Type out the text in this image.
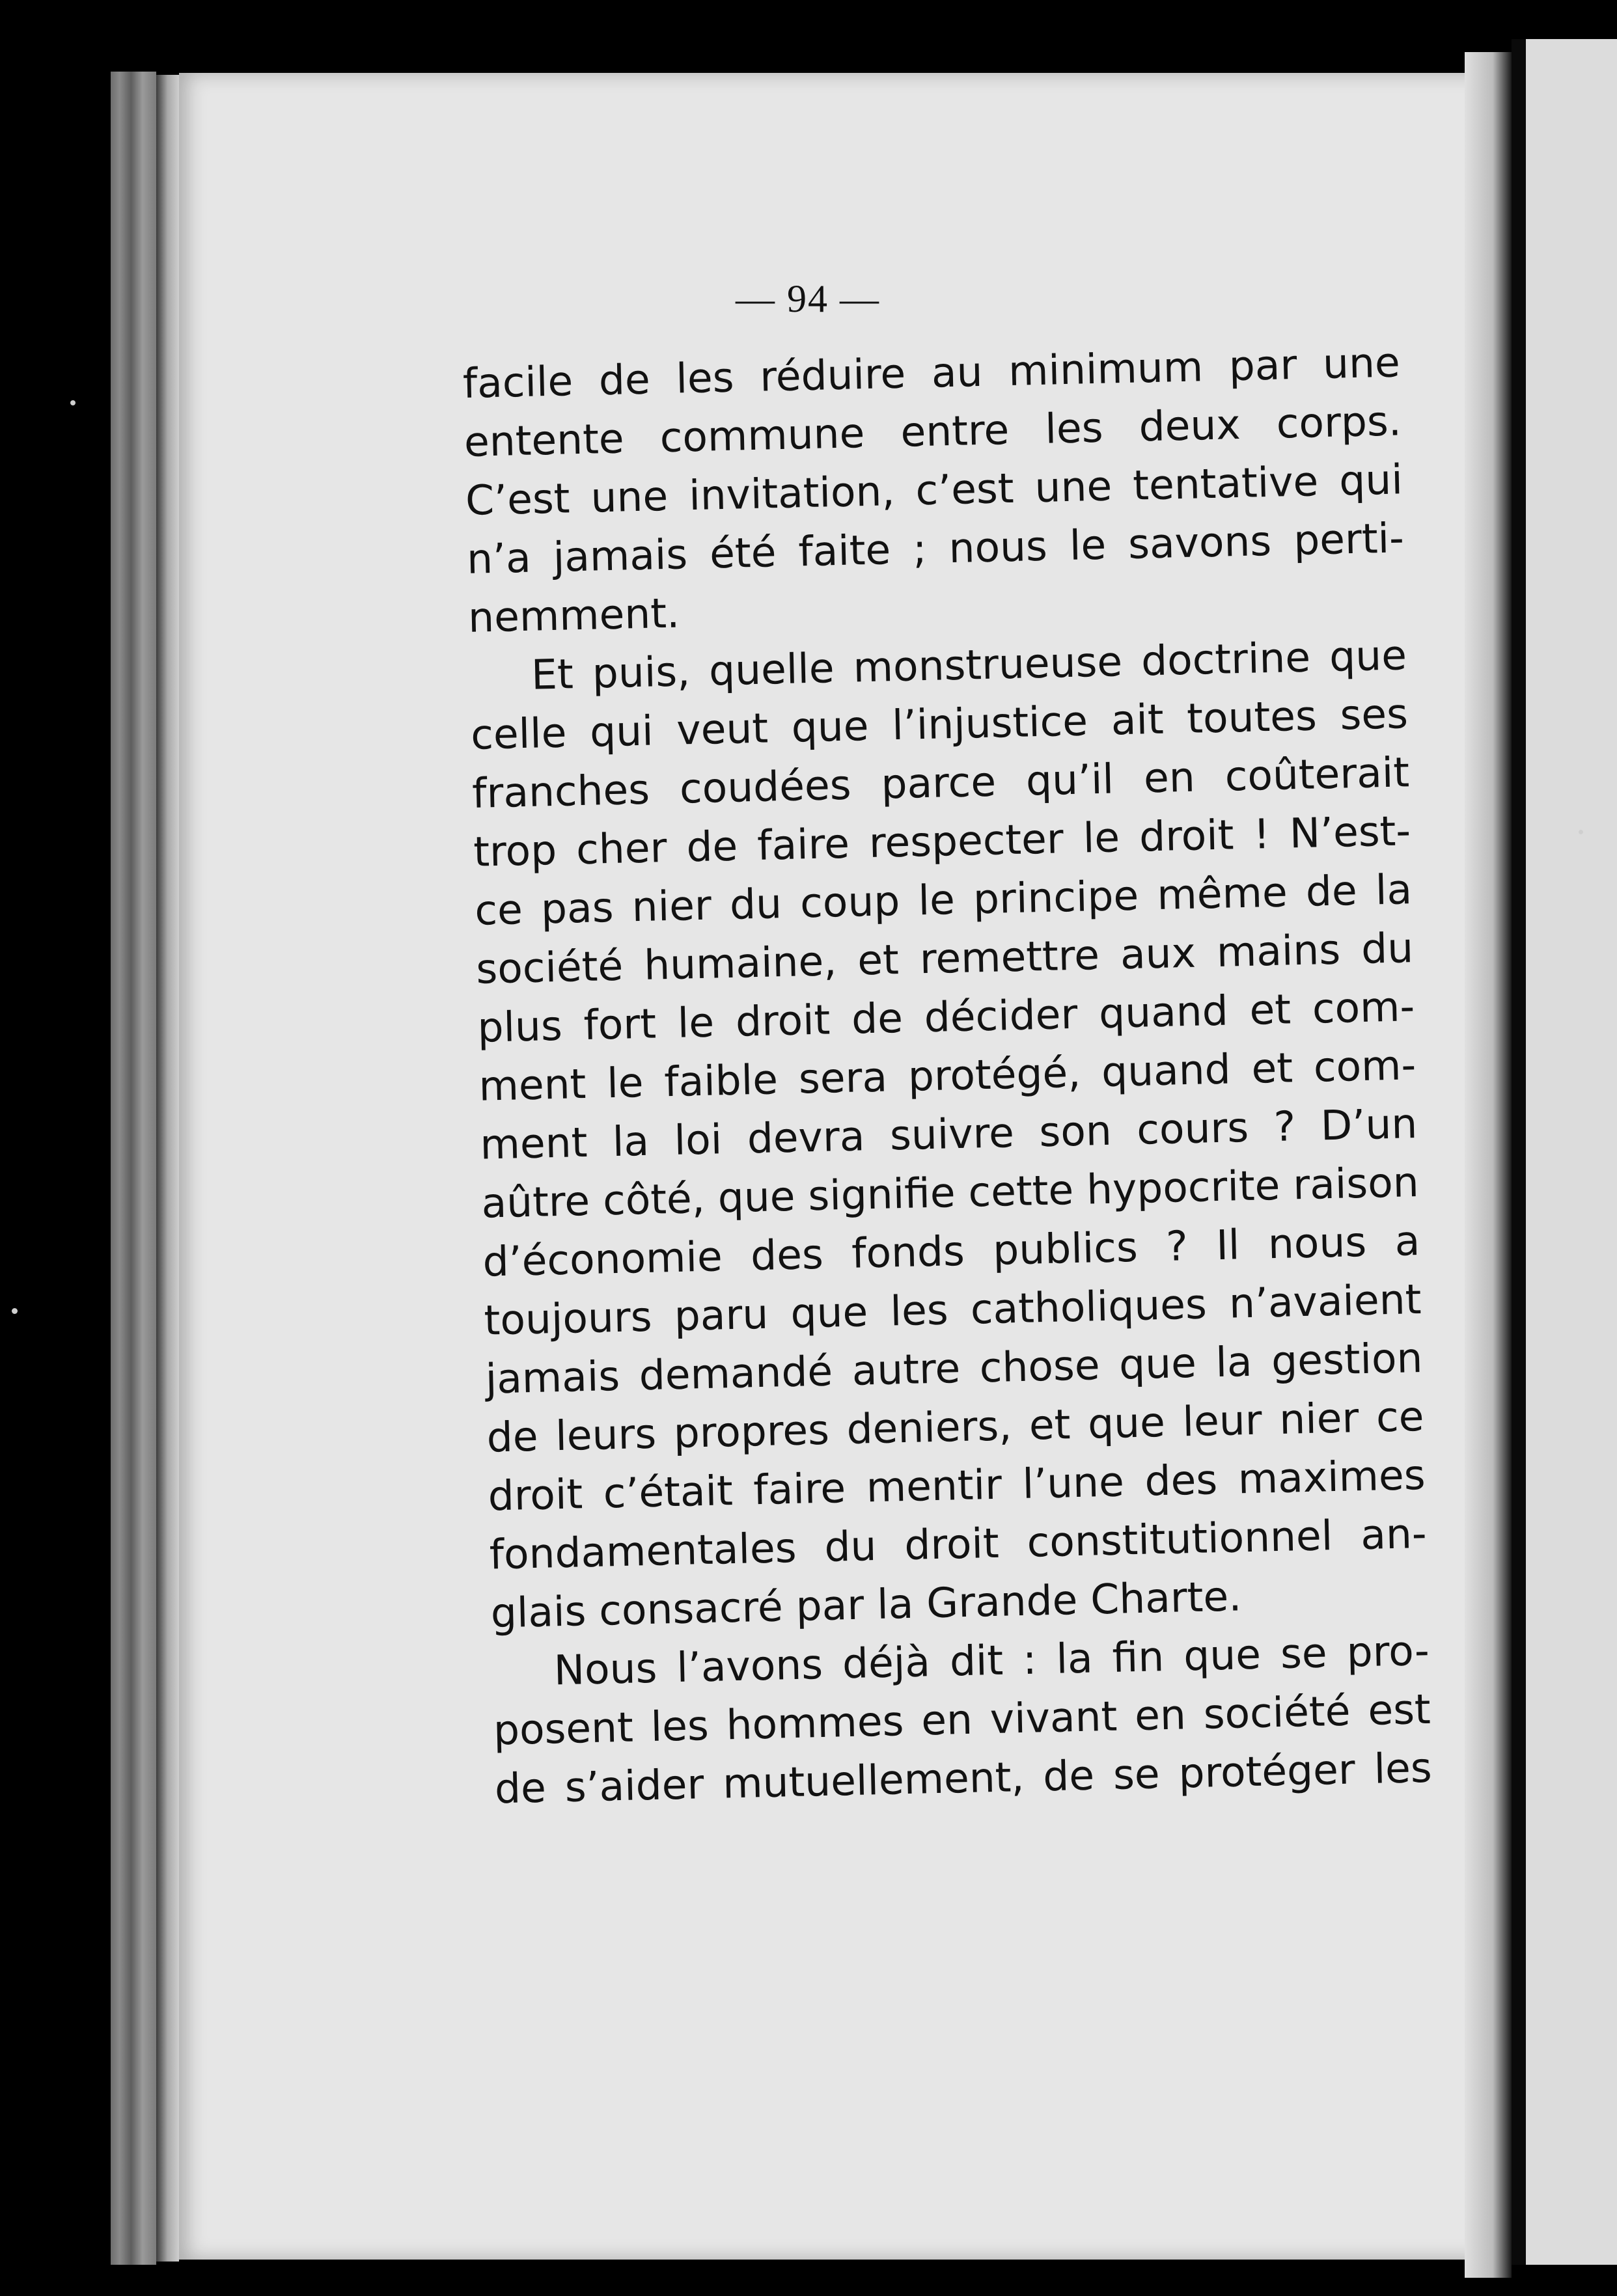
— 94 —
facile de les réduire au minimum par une
entente commune entre les deux corps.
C’est une invitation, c’est une tentative qui
n’a jamais été faite ; nous le savons perti-
nemment.
Et puis, quelle monstrueuse doctrine que
celle qui veut que l’injustice ait toutes ses
franches coudées parce qu’il en coûterait
trop cher de faire respecter le droit ! N’est-
ce pas nier du coup le principe même de la
société humaine, et remettre aux mains du
plus fort le droit de décider quand et com-
ment le faible sera protégé, quand et com-
ment la loi devra suivre son cours ? D’un
aûtre côté, que signifie cette hypocrite raison
d’économie des fonds publics ? Il nous a
toujours paru que les catholiques n’avaient
jamais demandé autre chose que la gestion
de leurs propres deniers, et que leur nier ce
droit c’était faire mentir l’une des maximes
fondamentales du droit constitutionnel an-
glais consacré par la Grande Charte.
Nous l’avons déjà dit : la fin que se pro-
posent les hommes en vivant en société est
de s’aider mutuellement, de se protéger les
